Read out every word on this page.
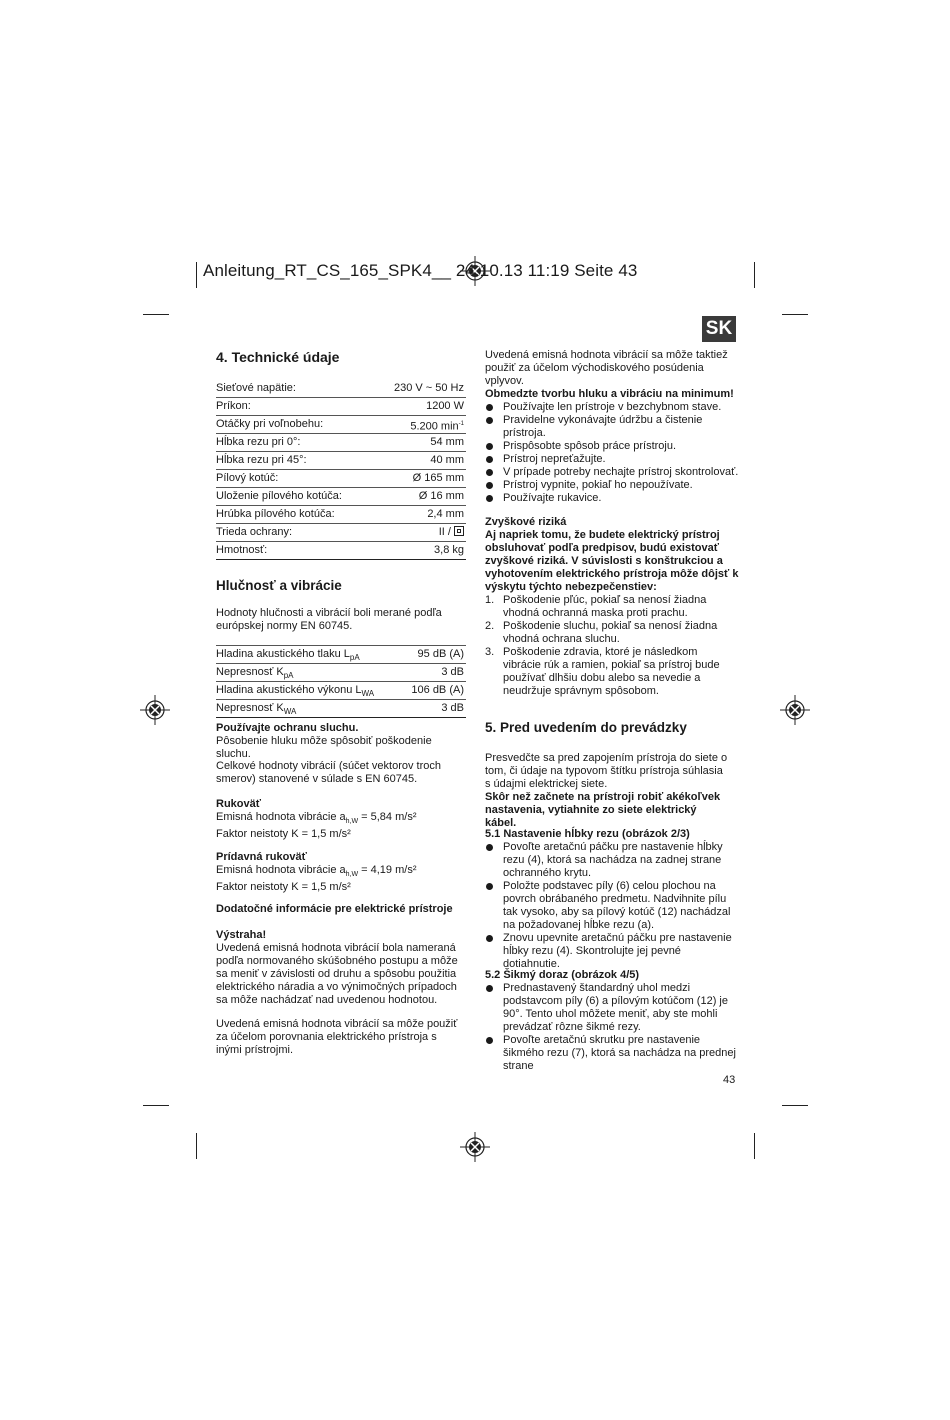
Anleitung_RT_CS_165_SPK4__ 24.10.13 11:19 Seite 43
SK
4. Technické údaje
Sieťové napätie:	230 V ~ 50 Hz
Príkon:	1200 W
Otáčky pri voľnobehu:	5.200 $\min^{-1}$
Hĺbka rezu pri 0°:	54 mm
Hĺbka rezu pri 45°:	40 mm
Pílový kotúč:	Ø 165 mm
Uloženie pílového kotúča:	Ø 16 mm
Hrúbka pílového kotúča:	2,4 mm
Trieda ochrany:	II /
Hmotnosť:	3,8 kg
Hlučnosť a vibrácie
Hodnoty hlučnosti a vibrácií boli merané podľa európskej normy EN 60745.
Hladina akustického tlaku $L_{pA}$	95 dB (A)
Nepresnosť $K_{pA}$	3 dB
Hladina akustického výkonu $L_{WA}$	106 dB (A)
Nepresnosť $K_{WA}$	3 dB

Používajte ochranu sluchu.

Pôsobenie hluku môže spôsobiť poškodenie sluchu.

Celkové hodnoty vibrácií (súčet vektorov troch smerov) stanovené v súlade s EN 60745.

Rukoväť

Emisná hodnota vibrácie $a_{h,W} = 5,84$ m/s²

Faktor neistoty K = 1,5 m/s²

Prídavná rukoväť

Emisná hodnota vibrácie $a_{h,W} = 4,19$ m/s²

Faktor neistoty K = 1,5 m/s²

Dodatočné informácie pre elektrické prístroje

Výstraha!

Uvedená emisná hodnota vibrácií bola nameraná podľa normovaného skúšobného postupu a môže sa meniť v závislosti od druhu a spôsobu použitia elektrického náradia a vo výnimočných prípadoch sa môže nachádzať nad uvedenou hodnotou.

Uvedená emisná hodnota vibrácií sa môže použiť za účelom porovnania elektrického prístroja s inými prístrojmi.
Uvedená emisná hodnota vibrácií sa môže taktiež použiť za účelom východiskového posúdenia vplyvov.

Obmedzte tvorbu hluku a vibráciu na minimum!

Používajte len prístroje v bezchybnom stave.
Pravidelne vykonávajte údržbu a čistenie prístroja.
Prispôsobte spôsob práce prístroju.
Prístroj nepreťažujte.
V prípade potreby nechajte prístroj skontrolovať.
Prístroj vypnite, pokiaľ ho nepoužívate.
Používajte rukavice.

Zvyškové riziká

Aj napriek tomu, že budete elektrický prístroj obsluhovať podľa predpisov, budú existovať zvyškové riziká. V súvislosti s konštrukciou a vyhotovením elektrického prístroja môže dôjsť k výskytu týchto nebezpečenstiev:

1. Poškodenie pľúc, pokiaľ sa nenosí žiadna vhodná ochranná maska proti prachu.
2. Poškodenie sluchu, pokiaľ sa nenosí žiadna vhodná ochrana sluchu.
3. Poškodenie zdravia, ktoré je následkom vibrácie rúk a ramien, pokiaľ sa prístroj bude používať dlhšiu dobu alebo sa nevedie a neudržuje správnym spôsobom.
5. Pred uvedením do prevádzky

Presvedčte sa pred zapojením prístroja do siete o tom, či údaje na typovom štítku prístroja súhlasia s údajmi elektrickej siete.

Skôr než začnete na prístroji robiť akékoľvek nastavenia, vytiahnite zo siete elektrický kábel.

5.1 Nastavenie hĺbky rezu (obrázok 2/3)

Povoľte aretačnú páčku pre nastavenie hĺbky rezu (4), ktorá sa nachádza na zadnej strane ochranného krytu.
Položte podstavec píly (6) celou plochou na povrch obrábaného predmetu. Nadvihnite pílu tak vysoko, aby sa pílový kotúč (12) nachádzal na požadovanej hĺbke rezu (a).
Znovu upevnite aretačnú páčku pre nastavenie hĺbky rezu (4). Skontrolujte jej pevné dotiahnutie.

5.2 Šikmý doraz (obrázok 4/5)

Prednastavený štandardný uhol medzi podstavcom píly (6) a pílovým kotúčom (12) je 90°. Tento uhol môžete meniť, aby ste mohli prevádzať rôzne šikmé rezy.
Povoľte aretačnú skrutku pre nastavenie šikmého rezu (7), ktorá sa nachádza na prednej strane
43
